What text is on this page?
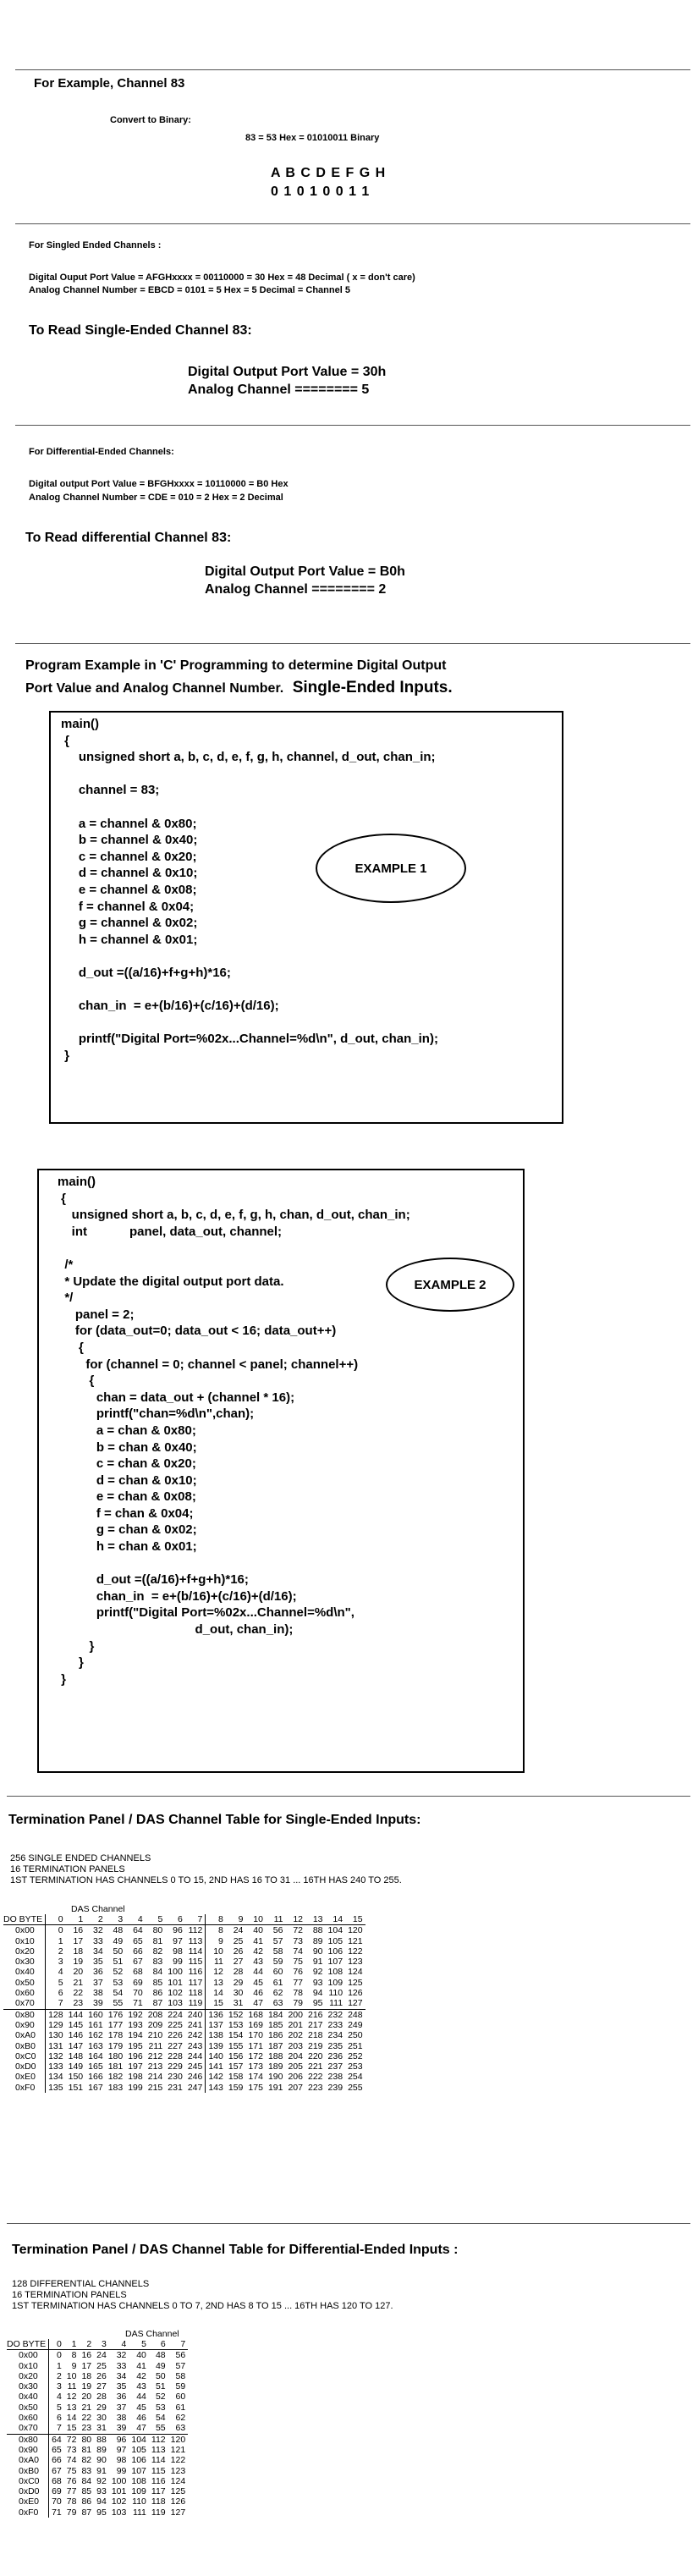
For Example, Channel 83
Convert to Binary:
83 = 53 Hex = 01010011 Binary
A B C D E F G H
0 1 0 1 0 0 1 1
For Singled Ended Channels :
Digital Ouput Port Value = AFGHxxxx = 00110000 = 30 Hex = 48 Decimal ( x = don't care)
Analog Channel Number = EBCD = 0101 = 5 Hex = 5 Decimal = Channel 5
To Read Single-Ended Channel 83:
Digital Output Port Value = 30h
Analog Channel ======== 5
For Differential-Ended Channels:
Digital output Port Value = BFGHxxxx = 10110000 = B0 Hex
Analog Channel Number = CDE = 010 = 2 Hex = 2 Decimal
To Read differential Channel 83:
Digital Output Port Value = B0h
Analog Channel ======== 2
Program Example in 'C' Programming to determine Digital Output
Port Value and Analog Channel Number. Single-Ended Inputs.
main()
{
unsigned short a, b, c, d, e, f, g, h, channel, d_out, chan_in;

channel = 83;

a = channel & 0x80;
b = channel & 0x40;
c = channel & 0x20;
d = channel & 0x10;
e = channel & 0x08;
f = channel & 0x04;
g = channel & 0x02;
h = channel & 0x01;

d_out =((a/16)+f+g+h)*16;

chan_in  = e+(b/16)+(c/16)+(d/16);

printf("Digital Port=%02x...Channel=%d\n", d_out, chan_in);
}
EXAMPLE 1
main()
{
unsigned short a, b, c, d, e, f, g, h, chan, d_out, chan_in;
int            panel, data_out, channel;

/*
* Update the digital output port data.
*/
panel = 2;
for (data_out=0; data_out < 16; data_out++)
{
for (channel = 0; channel < panel; channel++)
{
chan = data_out + (channel * 16);
printf("chan=%d\n",chan);
a = chan & 0x80;
b = chan & 0x40;
c = chan & 0x20;
d = chan & 0x10;
e = chan & 0x08;
f = chan & 0x04;
g = chan & 0x02;
h = chan & 0x01;

d_out =((a/16)+f+g+h)*16;
chan_in  = e+(b/16)+(c/16)+(d/16);
printf("Digital Port=%02x...Channel=%d\n",
d_out, chan_in);
}
}
}
EXAMPLE 2
Termination Panel / DAS Channel Table for Single-Ended Inputs:
256 SINGLE ENDED CHANNELS
16 TERMINATION PANELS
1ST TERMINATION HAS CHANNELS 0 TO 15, 2ND HAS 16 TO 31 ... 16TH HAS 240 TO 255.
DAS Channel
DO BYTE	0	1	2	3	4	5	6	7	8	9	10	11	12	13	14	15
0x00	0	16	32	48	64	80	96	112	8	24	40	56	72	88	104	120
0x10	1	17	33	49	65	81	97	113	9	25	41	57	73	89	105	121
0x20	2	18	34	50	66	82	98	114	10	26	42	58	74	90	106	122
0x30	3	19	35	51	67	83	99	115	11	27	43	59	75	91	107	123
0x40	4	20	36	52	68	84	100	116	12	28	44	60	76	92	108	124
0x50	5	21	37	53	69	85	101	117	13	29	45	61	77	93	109	125
0x60	6	22	38	54	70	86	102	118	14	30	46	62	78	94	110	126
0x70	7	23	39	55	71	87	103	119	15	31	47	63	79	95	111	127
0x80	128	144	160	176	192	208	224	240	136	152	168	184	200	216	232	248
0x90	129	145	161	177	193	209	225	241	137	153	169	185	201	217	233	249
0xA0	130	146	162	178	194	210	226	242	138	154	170	186	202	218	234	250
0xB0	131	147	163	179	195	211	227	243	139	155	171	187	203	219	235	251
0xC0	132	148	164	180	196	212	228	244	140	156	172	188	204	220	236	252
0xD0	133	149	165	181	197	213	229	245	141	157	173	189	205	221	237	253
0xE0	134	150	166	182	198	214	230	246	142	158	174	190	206	222	238	254
0xF0	135	151	167	183	199	215	231	247	143	159	175	191	207	223	239	255
Termination Panel / DAS Channel Table for Differential-Ended Inputs :
128 DIFFERENTIAL CHANNELS
16 TERMINATION PANELS
1ST TERMINATION HAS CHANNELS 0 TO 7, 2ND HAS 8 TO 15 ... 16TH HAS 120 TO 127.
DAS Channel
DO BYTE	0	1	2	3	4	5	6	7
0x00	0	8	16	24	32	40	48	56
0x10	1	9	17	25	33	41	49	57
0x20	2	10	18	26	34	42	50	58
0x30	3	11	19	27	35	43	51	59
0x40	4	12	20	28	36	44	52	60
0x50	5	13	21	29	37	45	53	61
0x60	6	14	22	30	38	46	54	62
0x70	7	15	23	31	39	47	55	63
0x80	64	72	80	88	96	104	112	120
0x90	65	73	81	89	97	105	113	121
0xA0	66	74	82	90	98	106	114	122
0xB0	67	75	83	91	99	107	115	123
0xC0	68	76	84	92	100	108	116	124
0xD0	69	77	85	93	101	109	117	125
0xE0	70	78	86	94	102	110	118	126
0xF0	71	79	87	95	103	111	119	127
